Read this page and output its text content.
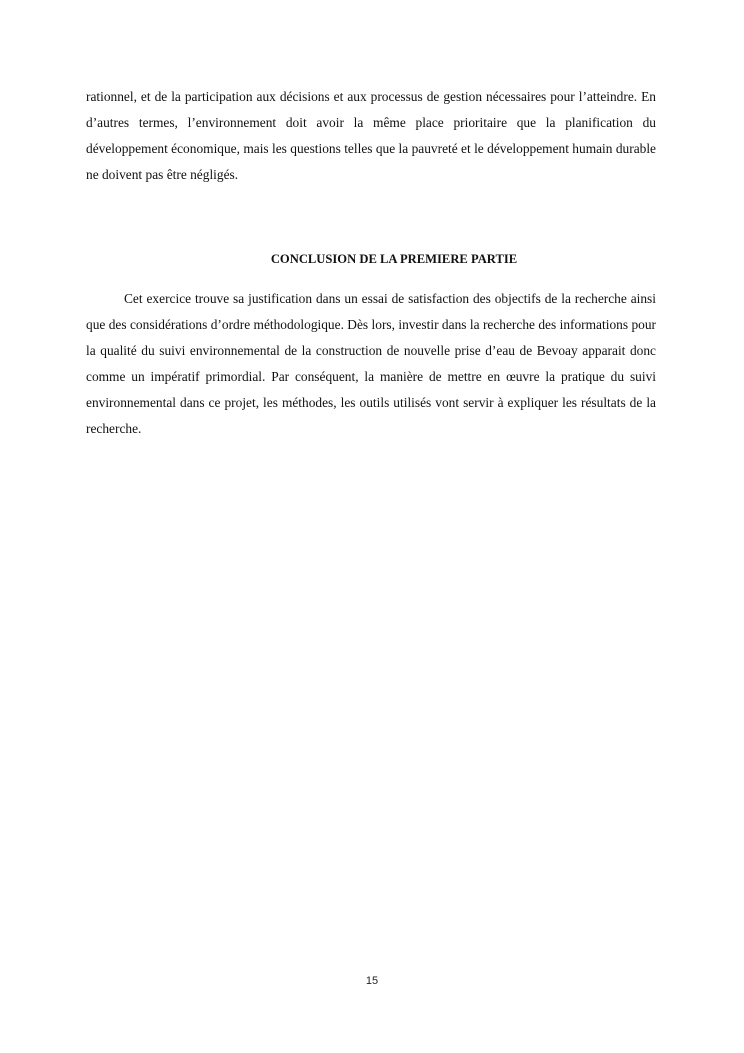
rationnel, et de la participation aux décisions et aux processus de gestion nécessaires pour l’atteindre. En d’autres termes, l’environnement doit avoir la même place prioritaire que la planification du développement économique, mais les questions telles que la pauvreté et le développement humain durable ne doivent pas être négligés.

CONCLUSION DE LA PREMIERE PARTIE

Cet exercice trouve sa justification dans un essai de satisfaction des objectifs de la recherche ainsi que des considérations d’ordre méthodologique. Dès lors, investir dans la recherche des informations pour la qualité du suivi environnemental de la construction de nouvelle prise d’eau de Bevoay apparait donc comme un impératif primordial. Par conséquent, la manière de mettre en œuvre la pratique du suivi environnemental dans ce projet, les méthodes, les outils utilisés vont servir à expliquer les résultats de la recherche.

15
